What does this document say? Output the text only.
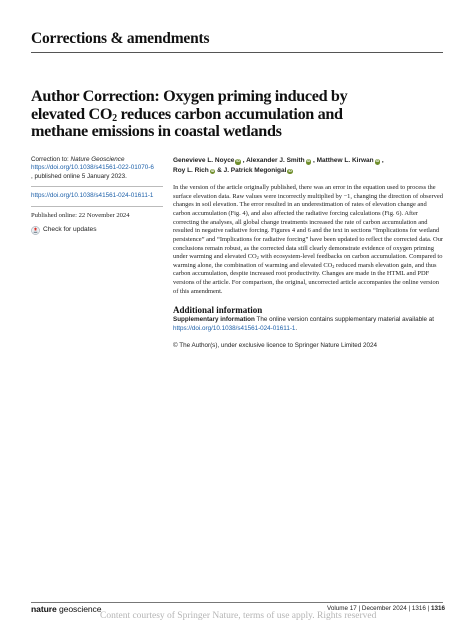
Corrections & amendments
Author Correction: Oxygen priming induced by elevated $CO_2$ reduces carbon accumulation and methane emissions in coastal wetlands
Correction to: Nature Geoscience
https://doi.org/10.1038/s41561-022-01070-6
, published online 5 January 2023.
https://doi.org/10.1038/s41561-024-01611-1
Published online: 22 November 2024
Check for updates
Genevieve L. Noyce iD , Alexander J. Smith iD , Matthew L. Kirwan iD ,
Roy L. Rich iD & J. Patrick Megonigal iD

In the version of the article originally published, there was an error in the equation used to process the surface elevation data. Raw values were incorrectly multiplied by −1, changing the direction of observed changes in soil elevation. The error resulted in an underestimation of rates of elevation change and carbon accumulation (Fig. 4), and also affected the radiative forcing calculations (Fig. 6). After correcting the analyses, all global change treatments increased the rate of carbon accumulation and resulted in negative radiative forcing. Figures 4 and 6 and the text in sections “Implications for wetland persistence” and “Implications for radiative forcing” have been updated to reflect the corrected data. Our conclusions remain robust, as the corrected data still clearly demonstrate evidence of oxygen priming under warming and elevated $CO_2$ with ecosystem-level feedbacks on carbon accumulation. Compared to warming alone, the combination of warming and elevated $CO_2$ reduced marsh elevation gain, and thus carbon accumulation, despite increased root productivity. Changes are made in the HTML and PDF versions of the article. For comparison, the original, uncorrected article accompanies the online version of this amendment.

Additional information
Supplementary information The online version contains supplementary material available at https://doi.org/10.1038/s41561-024-01611-1.
© The Author(s), under exclusive licence to Springer Nature Limited 2024
nature geoscience	Volume 17 | December 2024 | 1316 | 1316
Content courtesy of Springer Nature, terms of use apply. Rights reserved
